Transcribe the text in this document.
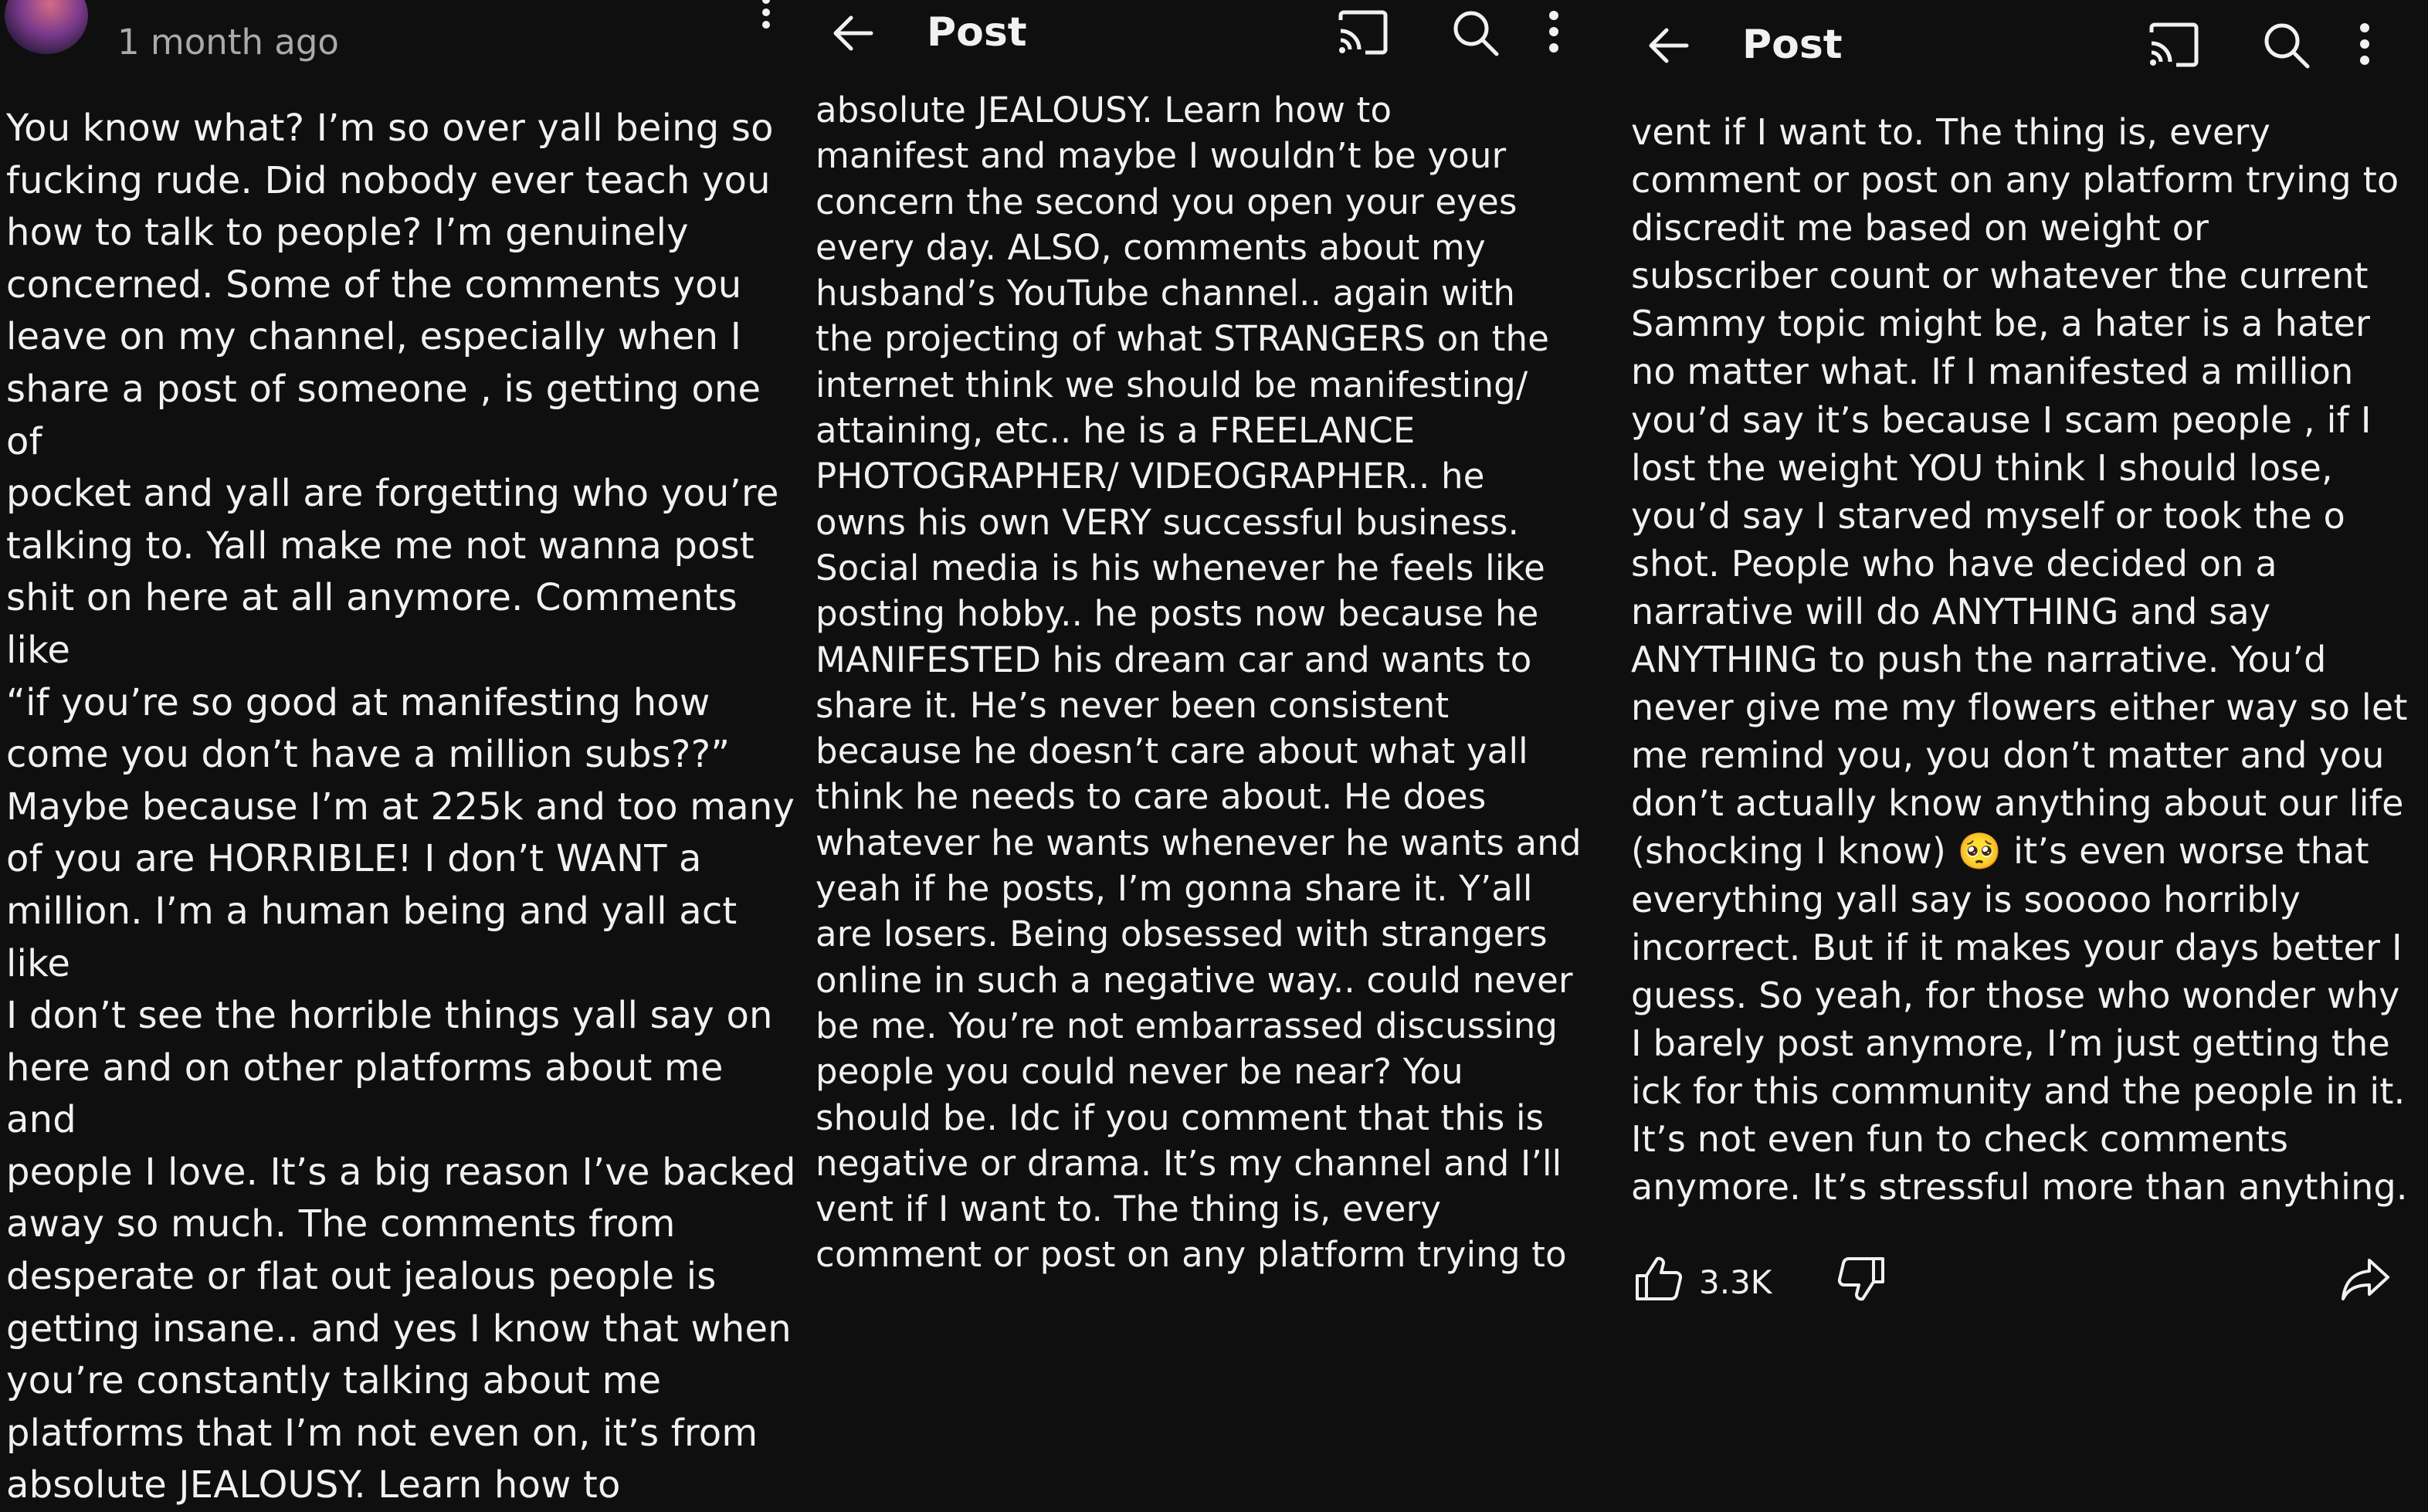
1 month ago

You know what? I’m so over yall being so
fucking rude. Did nobody ever teach you
how to talk to people? I’m genuinely
concerned. Some of the comments you
leave on my channel, especially when I
share a post of someone , is getting one of
pocket and yall are forgetting who you’re
talking to. Yall make me not wanna post
shit on here at all anymore. Comments like
“if you’re so good at manifesting how
come you don’t have a million subs??”
Maybe because I’m at 225k and too many
of you are HORRIBLE! I don’t WANT a
million. I’m a human being and yall act like
I don’t see the horrible things yall say on
here and on other platforms about me and
people I love. It’s a big reason I’ve backed
away so much. The comments from
desperate or flat out jealous people is
getting insane.. and yes I know that when
you’re constantly talking about me
platforms that I’m not even on, it’s from
absolute JEALOUSY. Learn how to

Post

absolute JEALOUSY. Learn how to
manifest and maybe I wouldn’t be your
concern the second you open your eyes
every day. ALSO, comments about my
husband’s YouTube channel.. again with
the projecting of what STRANGERS on the
internet think we should be manifesting/
attaining, etc.. he is a FREELANCE
PHOTOGRAPHER/ VIDEOGRAPHER.. he
owns his own VERY successful business.
Social media is his whenever he feels like
posting hobby.. he posts now because he
MANIFESTED his dream car and wants to
share it. He’s never been consistent
because he doesn’t care about what yall
think he needs to care about. He does
whatever he wants whenever he wants and
yeah if he posts, I’m gonna share it. Y’all
are losers. Being obsessed with strangers
online in such a negative way.. could never
be me. You’re not embarrassed discussing
people you could never be near? You
should be. Idc if you comment that this is
negative or drama. It’s my channel and I’ll
vent if I want to. The thing is, every
comment or post on any platform trying to

Post

vent if I want to. The thing is, every
comment or post on any platform trying to
discredit me based on weight or
subscriber count or whatever the current
Sammy topic might be, a hater is a hater
no matter what. If I manifested a million
you’d say it’s because I scam people , if I
lost the weight YOU think I should lose,
you’d say I starved myself or took the o
shot. People who have decided on a
narrative will do ANYTHING and say
ANYTHING to push the narrative. You’d
never give me my flowers either way so let
me remind you, you don’t matter and you
don’t actually know anything about our life
(shocking I know) 🥺 it’s even worse that
everything yall say is sooooo horribly
incorrect. But if it makes your days better I
guess. So yeah, for those who wonder why
I barely post anymore, I’m just getting the
ick for this community and the people in it.
It’s not even fun to check comments
anymore. It’s stressful more than anything.

3.3K
